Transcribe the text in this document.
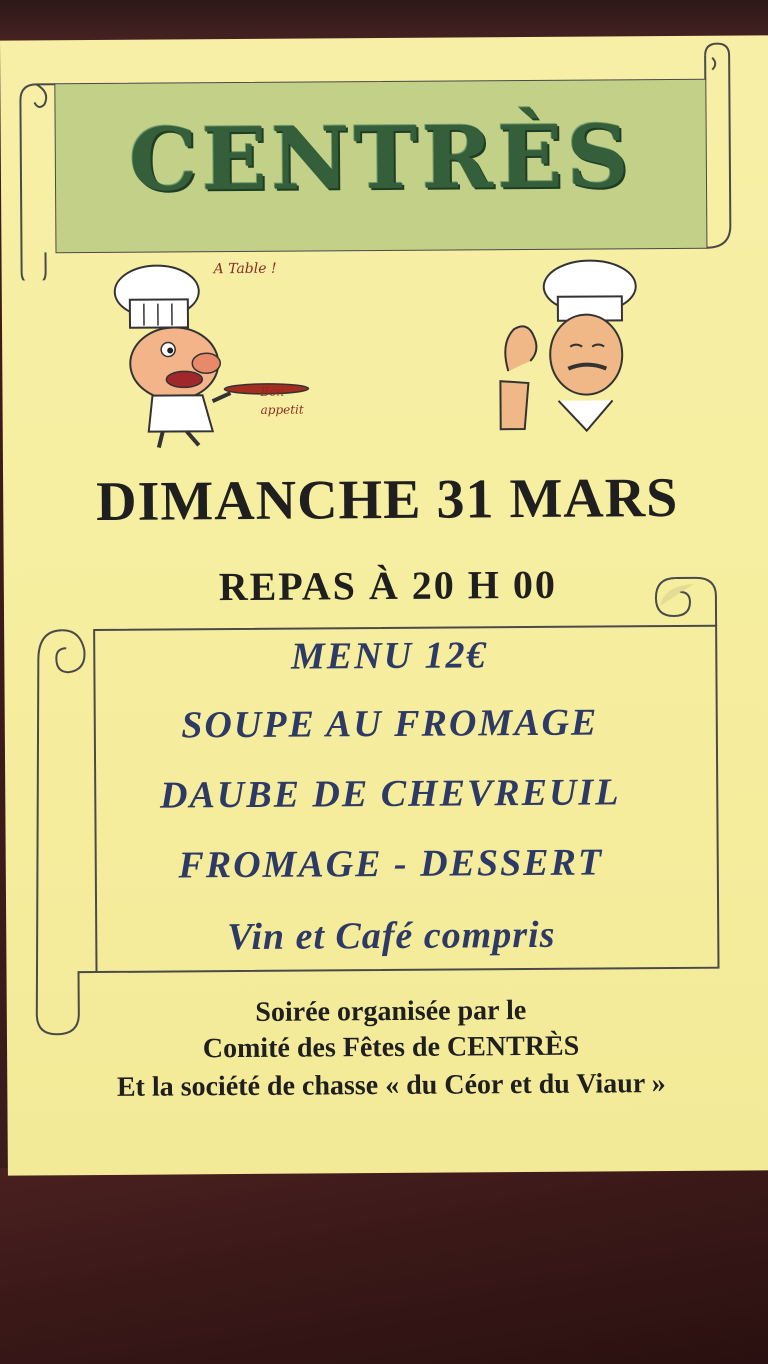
CENTRÈS
A Table !
Bon appetit

DIMANCHE 31 MARS

REPAS À 20 H 00

MENU 12€

SOUPE AU FROMAGE

DAUBE DE CHEVREUIL

FROMAGE - DESSERT

Vin et Café compris

Soirée organisée par le

Comité des Fêtes de CENTRÈS

Et la société de chasse « du Céor et du Viaur »
